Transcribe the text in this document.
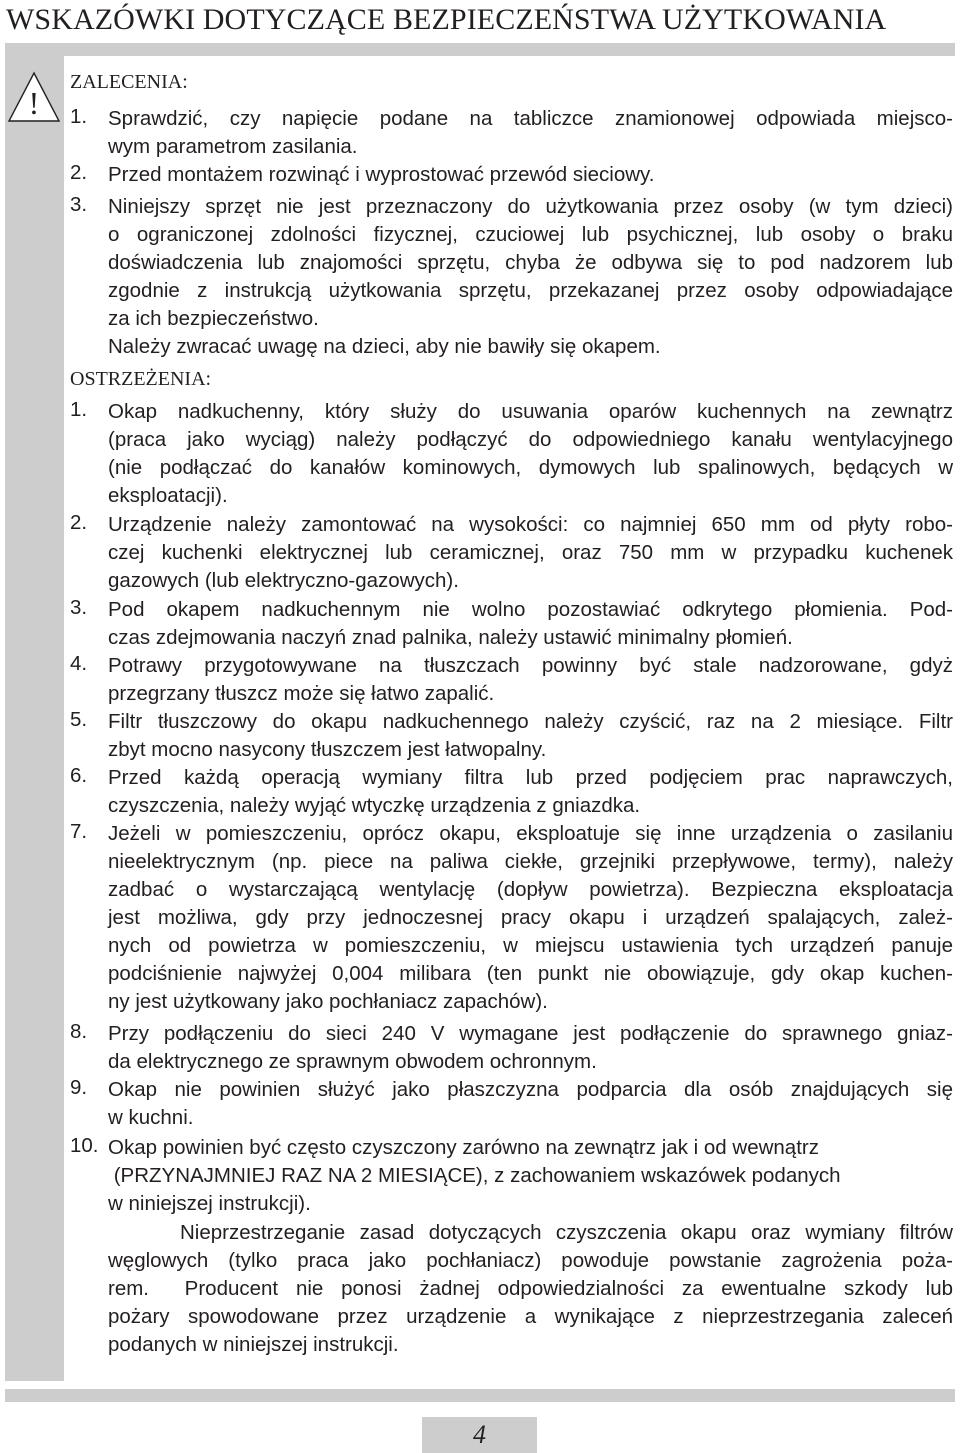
WSKAZÓWKI DOTYCZĄCE BEZPIECZEŃSTWA UŻYTKOWANIA
!
4
ZALECENIA:
OSTRZEŻENIA:
1. Sprawdzić, czy napięcie podane na tabliczce znamionowej odpowiada miejsco-
wym parametrom zasilania.
2. Przed montażem rozwinąć i wyprostować przewód sieciowy.
3. Niniejszy sprzęt nie jest przeznaczony do użytkowania przez osoby (w tym dzieci)
o ograniczonej zdolności fizycznej, czuciowej lub psychicznej, lub osoby o braku
doświadczenia lub znajomości sprzętu, chyba że odbywa się to pod nadzorem lub
zgodnie z instrukcją użytkowania sprzętu, przekazanej przez osoby odpowiadające
za ich bezpieczeństwo.
Należy zwracać uwagę na dzieci, aby nie bawiły się okapem.
1. Okap nadkuchenny, który służy do usuwania oparów kuchennych na zewnątrz
(praca jako wyciąg) należy podłączyć do odpowiedniego kanału wentylacyjnego
(nie podłączać do kanałów kominowych, dymowych lub spalinowych, będących w
eksploatacji).
2. Urządzenie należy zamontować na wysokości: co najmniej 650 mm od płyty robo-
czej kuchenki elektrycznej lub ceramicznej, oraz 750 mm w przypadku kuchenek
gazowych (lub elektryczno-gazowych).
3. Pod okapem nadkuchennym nie wolno pozostawiać odkrytego płomienia. Pod-
czas zdejmowania naczyń znad palnika, należy ustawić minimalny płomień.
4. Potrawy przygotowywane na tłuszczach powinny być stale nadzorowane, gdyż
przegrzany tłuszcz może się łatwo zapalić.
5. Filtr tłuszczowy do okapu nadkuchennego należy czyścić, raz na 2 miesiące. Filtr
zbyt mocno nasycony tłuszczem jest łatwopalny.
6. Przed każdą operacją wymiany filtra lub przed podjęciem prac naprawczych,
czyszczenia, należy wyjąć wtyczkę urządzenia z gniazdka.
7. Jeżeli w pomieszczeniu, oprócz okapu, eksploatuje się inne urządzenia o zasilaniu
nieelektrycznym (np. piece na paliwa ciekłe, grzejniki przepływowe, termy), należy
zadbać o wystarczającą wentylację (dopływ powietrza). Bezpieczna eksploatacja
jest możliwa, gdy przy jednoczesnej pracy okapu i urządzeń spalających, zależ-
nych od powietrza w pomieszczeniu, w miejscu ustawienia tych urządzeń panuje
podciśnienie najwyżej 0,004 milibara (ten punkt nie obowiązuje, gdy okap kuchen-
ny jest użytkowany jako pochłaniacz zapachów).
8. Przy podłączeniu do sieci 240 V wymagane jest podłączenie do sprawnego gniaz-
da elektrycznego ze sprawnym obwodem ochronnym.
9. Okap nie powinien służyć jako płaszczyzna podparcia dla osób znajdujących się
w kuchni.
10. Okap powinien być często czyszczony zarówno na zewnątrz jak i od wewnątrz
(PRZYNAJMNIEJ RAZ NA 2 MIESIĄCE), z zachowaniem wskazówek podanych
w niniejszej instrukcji).
Nieprzestrzeganie zasad dotyczących czyszczenia okapu oraz wymiany filtrów
węglowych (tylko praca jako pochłaniacz) powoduje powstanie zagrożenia poża-
rem.  Producent nie ponosi żadnej odpowiedzialności za ewentualne szkody lub
pożary spowodowane przez urządzenie a wynikające z nieprzestrzegania zaleceń
podanych w niniejszej instrukcji.
